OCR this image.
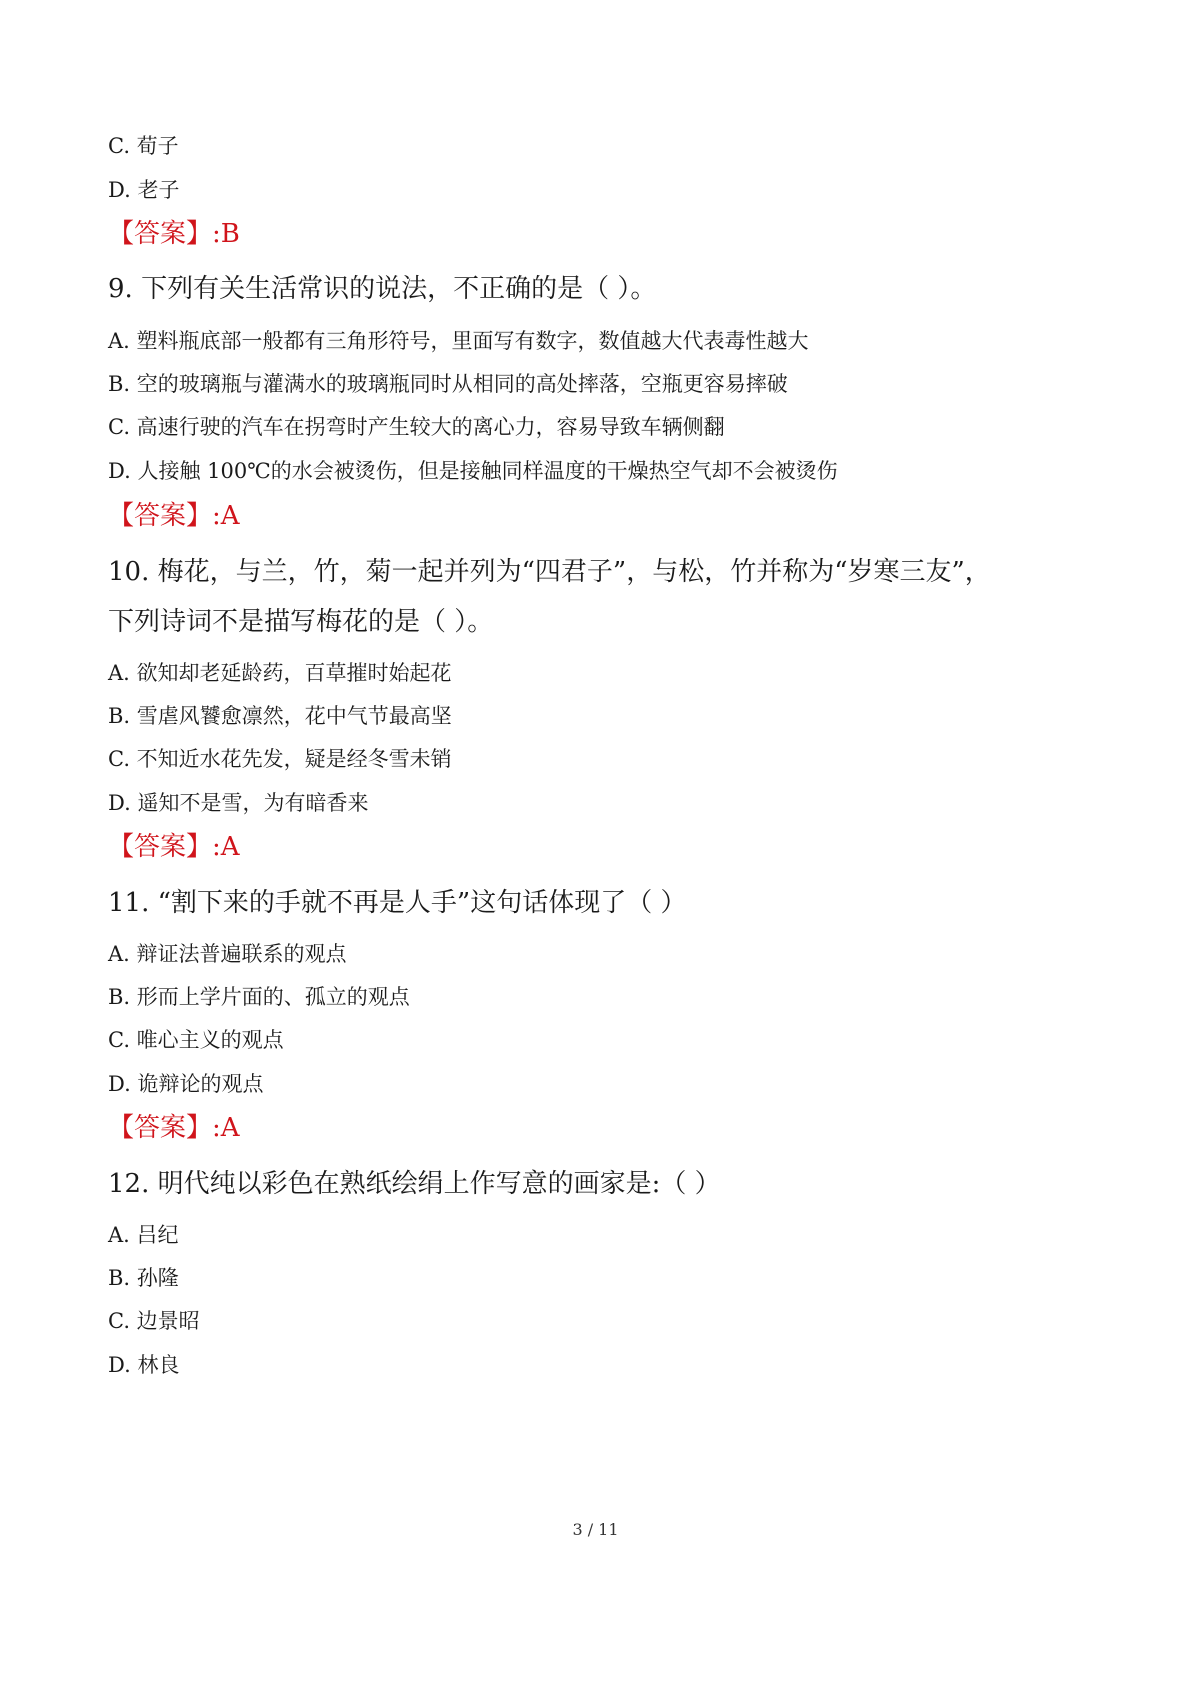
C. 荀子
D. 老子
【答案】:B
9. 下列有关生活常识的说法，不正确的是（ ）。
A. 塑料瓶底部一般都有三角形符号，里面写有数字，数值越大代表毒性越大
B. 空的玻璃瓶与灌满水的玻璃瓶同时从相同的高处摔落，空瓶更容易摔破
C. 高速行驶的汽车在拐弯时产生较大的离心力，容易导致车辆侧翻
D. 人接触 100℃的水会被烫伤，但是接触同样温度的干燥热空气却不会被烫伤
【答案】:A
10. 梅花，与兰，竹，菊一起并列为“四君子”，与松，竹并称为“岁寒三友”，
下列诗词不是描写梅花的是（ ）。
A. 欲知却老延龄药，百草摧时始起花
B. 雪虐风饕愈凛然，花中气节最高坚
C. 不知近水花先发，疑是经冬雪未销
D. 遥知不是雪，为有暗香来
【答案】:A
11. “割下来的手就不再是人手”这句话体现了（ ）
A. 辩证法普遍联系的观点
B. 形而上学片面的、孤立的观点
C. 唯心主义的观点
D. 诡辩论的观点
【答案】:A
12. 明代纯以彩色在熟纸绘绢上作写意的画家是:（ ）
A. 吕纪
B. 孙隆
C. 边景昭
D. 林良
3 / 11
